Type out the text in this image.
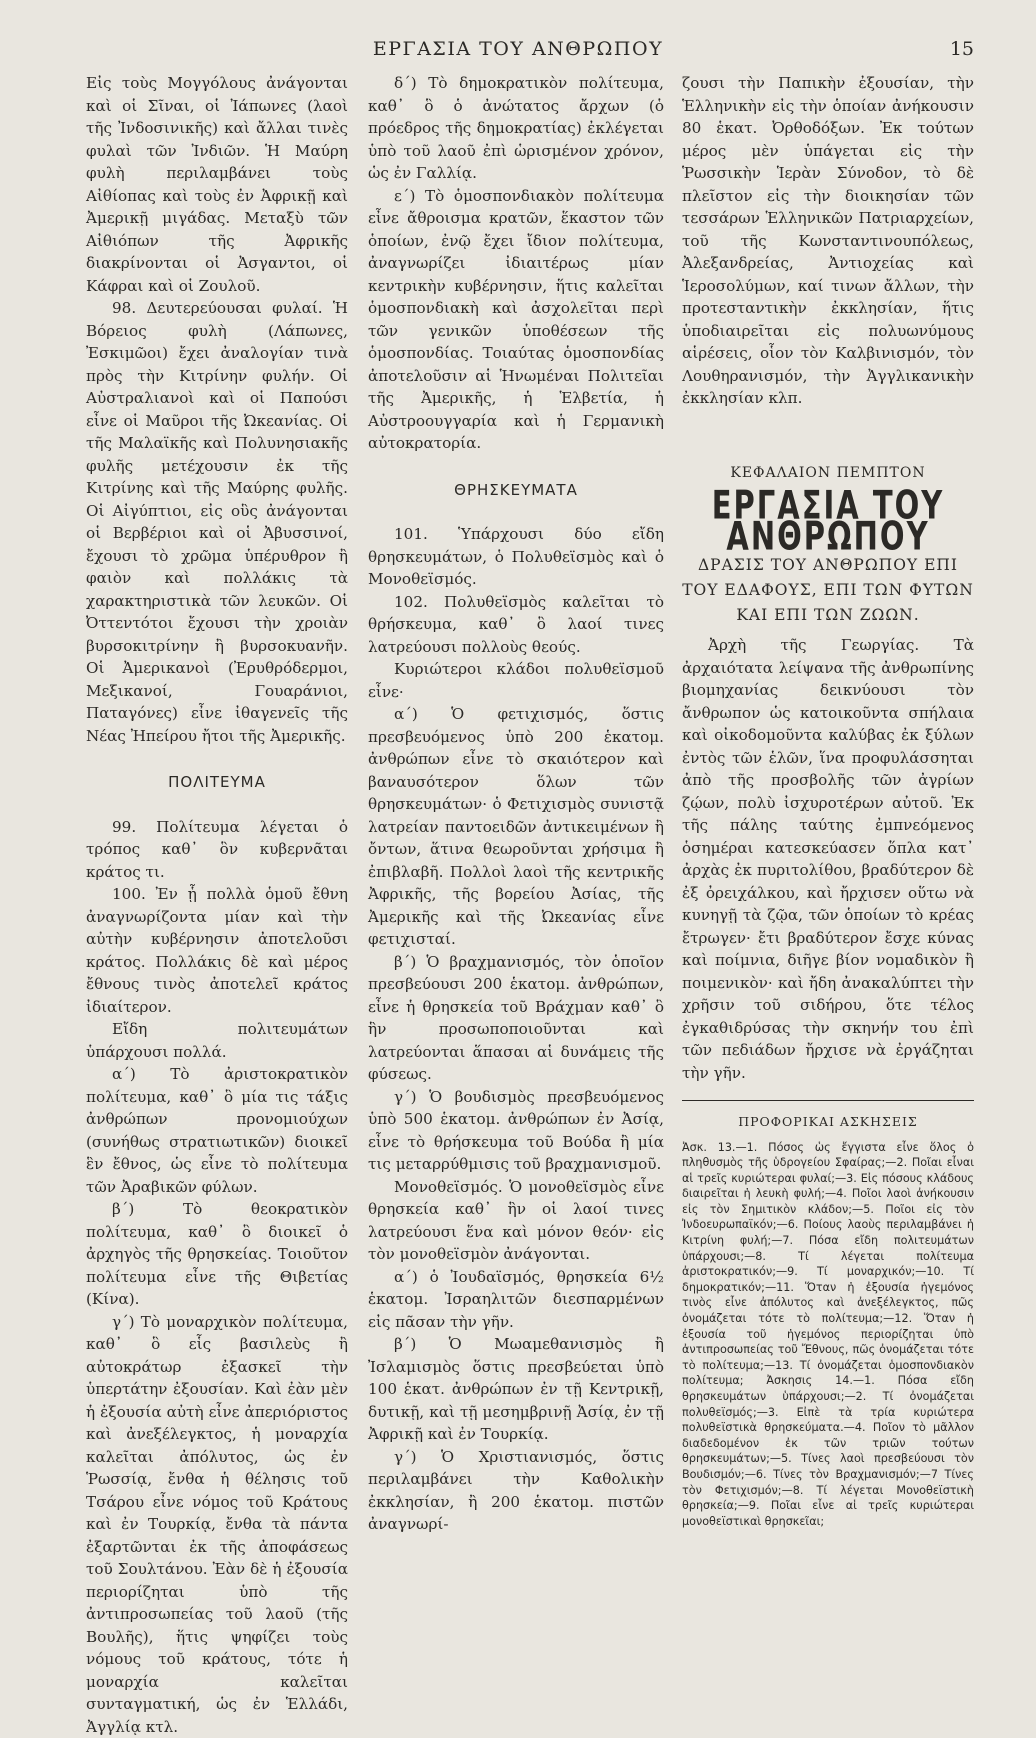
ΕΡΓΑΣΙΑ ΤΟΥ ΑΝΘΡΩΠΟΥ	15

Εἰς τοὺς Μογγόλους ἀνάγονται καὶ οἱ Σῖναι, οἱ Ἰάπωνες (λαοὶ τῆς Ἰνδοσινικῆς) καὶ ἄλλαι τινὲς φυλαὶ τῶν Ἰνδιῶν. Ἡ Μαύρη φυλὴ περιλαμβάνει τοὺς Αἰθίοπας καὶ τοὺς ἐν Ἀφρικῇ καὶ Ἀμερικῇ μιγάδας. Μεταξὺ τῶν Αἰθιόπων τῆς Ἀφρικῆς διακρίνονται οἱ Ἀσγαντοι, οἱ Κάφραι καὶ οἱ Ζουλοῦ.

98. Δευτερεύουσαι φυλαί. Ἡ Βόρειος φυλὴ (Λάπωνες, Ἐσκιμῶοι) ἔχει ἀναλογίαν τινὰ πρὸς τὴν Κιτρίνην φυλήν. Οἱ Αὐστραλιανοὶ καὶ οἱ Παπούσι εἶνε οἱ Μαῦροι τῆς Ὠκεανίας. Οἱ τῆς Μαλαϊκῆς καὶ Πολυνησιακῆς φυλῆς μετέχουσιν ἐκ τῆς Κιτρίνης καὶ τῆς Μαύρης φυλῆς. Οἱ Αἰγύπτιοι, εἰς οὓς ἀνάγονται οἱ Βερβέριοι καὶ οἱ Ἀβυσσινοί, ἔχουσι τὸ χρῶμα ὑπέρυθρον ἢ φαιὸν καὶ πολλάκις τὰ χαρακτηριστικὰ τῶν λευκῶν. Οἱ Ὀττεντότοι ἔχουσι τὴν χροιὰν βυρσοκιτρίνην ἢ βυρσοκυανῆν. Οἱ Ἀμερικανοὶ (Ἐρυθρόδερμοι, Μεξικανοί, Γουαράνιοι, Παταγόνες) εἶνε ἰθαγενεῖς τῆς Νέας Ἠπείρου ἤτοι τῆς Ἀμερικῆς.

ΠΟΛΙΤΕΥΜΑ

99. Πολίτευμα λέγεται ὁ τρόπος καθ᾽ ὃν κυβερνᾶται κράτος τι.

100. Ἐν ᾗ πολλὰ ὁμοῦ ἔθνη ἀναγνωρίζοντα μίαν καὶ τὴν αὐτὴν κυβέρνησιν ἀποτελοῦσι κράτος. Πολλάκις δὲ καὶ μέρος ἔθνους τινὸς ἀποτελεῖ κράτος ἰδιαίτερον.

Εἴδη πολιτευμάτων ὑπάρχουσι πολλά.

α΄) Τὸ ἀριστοκρατικὸν πολίτευμα, καθ᾽ ὃ μία τις τάξις ἀνθρώπων προνομιούχων (συνήθως στρατιωτικῶν) διοικεῖ ἓν ἔθνος, ὡς εἶνε τὸ πολίτευμα τῶν Ἀραβικῶν φύλων.

β΄) Τὸ θεοκρατικὸν πολίτευμα, καθ᾽ ὃ διοικεῖ ὁ ἀρχηγὸς τῆς θρησκείας. Τοιοῦτον πολίτευμα εἶνε τῆς Θιβετίας (Κίνα).

γ΄) Τὸ μοναρχικὸν πολίτευμα, καθ᾽ ὃ εἷς βασιλεὺς ἢ αὐτοκράτωρ ἐξασκεῖ τὴν ὑπερτάτην ἐξουσίαν. Καὶ ἐὰν μὲν ἡ ἐξουσία αὐτὴ εἶνε ἀπεριόριστος καὶ ἀνεξέλεγκτος, ἡ μοναρχία καλεῖται ἀπόλυτος, ὡς ἐν Ῥωσσίᾳ, ἔνθα ἡ θέλησις τοῦ Τσάρου εἶνε νόμος τοῦ Κράτους καὶ ἐν Τουρκίᾳ, ἔνθα τὰ πάντα ἐξαρτῶνται ἐκ τῆς ἀποφάσεως τοῦ Σουλτάνου. Ἐὰν δὲ ἡ ἐξουσία περιορίζηται ὑπὸ τῆς ἀντιπροσωπείας τοῦ λαοῦ (τῆς Βουλῆς), ἥτις ψηφίζει τοὺς νόμους τοῦ κράτους, τότε ἡ μοναρχία καλεῖται συνταγματική, ὡς ἐν Ἑλλάδι, Ἀγγλίᾳ κτλ.

δ΄) Τὸ δημοκρατικὸν πολίτευμα, καθ᾽ ὃ ὁ ἀνώτατος ἄρχων (ὁ πρόεδρος τῆς δημοκρατίας) ἐκλέγεται ὑπὸ τοῦ λαοῦ ἐπὶ ὡρισμένον χρόνον, ὡς ἐν Γαλλίᾳ.

ε΄) Τὸ ὁμοσπονδιακὸν πολίτευμα εἶνε ἄθροισμα κρατῶν, ἕκαστον τῶν ὁποίων, ἐνῷ ἔχει ἴδιον πολίτευμα, ἀναγνωρίζει ἰδιαιτέρως μίαν κεντρικὴν κυβέρνησιν, ἥτις καλεῖται ὁμοσπονδιακὴ καὶ ἀσχολεῖται περὶ τῶν γενικῶν ὑποθέσεων τῆς ὁμοσπονδίας. Τοιαύτας ὁμοσπονδίας ἀποτελοῦσιν αἱ Ἡνωμέναι Πολιτεῖαι τῆς Ἀμερικῆς, ἡ Ἑλβετία, ἡ Αὐστροουγγαρία καὶ ἡ Γερμανικὴ αὐτοκρατορία.

ΘΡΗΣΚΕΥΜΑΤΑ

101. Ὑπάρχουσι δύο εἴδη θρησκευμάτων, ὁ Πολυθεϊσμὸς καὶ ὁ Μονοθεϊσμός.

102. Πολυθεϊσμὸς καλεῖται τὸ θρήσκευμα, καθ᾽ ὃ λαοί τινες λατρεύουσι πολλοὺς θεούς.

Κυριώτεροι κλάδοι πολυθεϊσμοῦ εἶνε·

α΄) Ὁ φετιχισμός, ὅστις πρεσβευόμενος ὑπὸ 200 ἑκατομ. ἀνθρώπων εἶνε τὸ σκαιότερον καὶ βαναυσότερον ὅλων τῶν θρησκευμάτων· ὁ Φετιχισμὸς συνιστᾷ λατρείαν παντοειδῶν ἀντικειμένων ἢ ὄντων, ἅτινα θεωροῦνται χρήσιμα ἢ ἐπιβλαβῆ. Πολλοὶ λαοὶ τῆς κεντρικῆς Ἀφρικῆς, τῆς βορείου Ἀσίας, τῆς Ἀμερικῆς καὶ τῆς Ὠκεανίας εἶνε φετιχισταί.

β΄) Ὁ βραχμανισμός, τὸν ὁποῖον πρεσβεύουσι 200 ἑκατομ. ἀνθρώπων, εἶνε ἡ θρησκεία τοῦ Βράχμαν καθ᾽ ὃ ἣν προσωποποιοῦνται καὶ λατρεύονται ἅπασαι αἱ δυνάμεις τῆς φύσεως.

γ΄) Ὁ βουδισμὸς πρεσβευόμενος ὑπὸ 500 ἑκατομ. ἀνθρώπων ἐν Ἀσίᾳ, εἶνε τὸ θρήσκευμα τοῦ Βούδα ἢ μία τις μεταρρύθμισις τοῦ βραχμανισμοῦ.

Μονοθεϊσμός. Ὁ μονοθεϊσμὸς εἶνε θρησκεία καθ᾽ ἣν οἱ λαοί τινες λατρεύουσι ἕνα καὶ μόνον θεόν· εἰς τὸν μονοθεϊσμὸν ἀνάγονται.

α΄) ὁ Ἰουδαϊσμός, θρησκεία 6½ ἑκατομ. Ἰσραηλιτῶν διεσπαρμένων εἰς πᾶσαν τὴν γῆν.

β΄) Ὁ Μωαμεθανισμὸς ἢ Ἰσλαμισμὸς ὅστις πρεσβεύεται ὑπὸ 100 ἑκατ. ἀνθρώπων ἐν τῇ Κεντρικῇ, δυτικῇ, καὶ τῇ μεσημβρινῇ Ἀσίᾳ, ἐν τῇ Ἀφρικῇ καὶ ἐν Τουρκίᾳ.

γ΄) Ὁ Χριστιανισμός, ὅστις περιλαμβάνει τὴν Καθολικὴν ἐκκλησίαν, ἢ 200 ἑκατομ. πιστῶν ἀναγνωρί-

ζουσι τὴν Παπικὴν ἐξουσίαν, τὴν Ἑλληνικὴν εἰς τὴν ὁποίαν ἀνήκουσιν 80 ἑκατ. Ὀρθοδόξων. Ἐκ τούτων μέρος μὲν ὑπάγεται εἰς τὴν Ῥωσσικὴν Ἱερὰν Σύνοδον, τὸ δὲ πλεῖστον εἰς τὴν διοικησίαν τῶν τεσσάρων Ἑλληνικῶν Πατριαρχείων, τοῦ τῆς Κωνσταντινουπόλεως, Ἀλεξανδρείας, Ἀντιοχείας καὶ Ἱεροσολύμων, καί τινων ἄλλων, τὴν προτεσταντικὴν ἐκκλησίαν, ἥτις ὑποδιαιρεῖται εἰς πολυωνύμους αἱρέσεις, οἷον τὸν Καλβινισμόν, τὸν Λουθηρανισμόν, τὴν Ἀγγλικανικὴν ἐκκλησίαν κλπ.

ΚΕΦΑΛΑΙΟΝ ΠΕΜΠΤΟΝ
ΕΡΓΑΣΙΑ ΤΟΥ ΑΝΘΡΩΠΟΥ
ΔΡΑΣΙΣ ΤΟΥ ΑΝΘΡΩΠΟΥ ΕΠΙ ΤΟΥ ΕΔΑΦΟΥΣ, ΕΠΙ ΤΩΝ ΦΥΤΩΝ ΚΑΙ ΕΠΙ ΤΩΝ ΖΩΩΝ.

Ἀρχὴ τῆς Γεωργίας. Τὰ ἀρχαιότατα λείψανα τῆς ἀνθρωπίνης βιομηχανίας δεικνύουσι τὸν ἄνθρωπον ὡς κατοικοῦντα σπήλαια καὶ οἰκοδομοῦντα καλύβας ἐκ ξύλων ἐντὸς τῶν ἑλῶν, ἵνα προφυλάσσηται ἀπὸ τῆς προσβολῆς τῶν ἀγρίων ζῴων, πολὺ ἰσχυροτέρων αὐτοῦ. Ἐκ τῆς πάλης ταύτης ἐμπνεόμενος ὁσημέραι κατεσκεύασεν ὅπλα κατ᾽ ἀρχὰς ἐκ πυριτολίθου, βραδύτερον δὲ ἐξ ὀρειχάλκου, καὶ ἤρχισεν οὕτω νὰ κυνηγῇ τὰ ζῷα, τῶν ὁποίων τὸ κρέας ἔτρωγεν· ἔτι βραδύτερον ἔσχε κύνας καὶ ποίμνια, διῆγε βίον νομαδικὸν ἢ ποιμενικὸν· καὶ ἤδη ἀνακαλύπτει τὴν χρῆσιν τοῦ σιδήρου, ὅτε τέλος ἐγκαθιδρύσας τὴν σκηνήν του ἐπὶ τῶν πεδιάδων ἤρχισε νὰ ἐργάζηται τὴν γῆν.

ΠΡΟΦΟΡΙΚΑΙ ΑΣΚΗΣΕΙΣ
Ἀσκ. 13.—1. Πόσος ὡς ἔγγιστα εἶνε ὅλος ὁ πληθυσμὸς τῆς ὑδρογείου Σφαίρας;—2. Ποῖαι εἶναι αἱ τρεῖς κυριώτεραι φυλαί;—3. Εἰς πόσους κλάδους διαιρεῖται ἡ λευκὴ φυλή;—4. Ποῖοι λαοὶ ἀνήκουσιν εἰς τὸν Σημιτικὸν κλάδον;—5. Ποῖοι εἰς τὸν Ἰνδοευρωπαϊκόν;—6. Ποίους λαοὺς περιλαμβάνει ἡ Κιτρίνη φυλή;—7. Πόσα εἴδη πολιτευμάτων ὑπάρχουσι;—8. Τί λέγεται πολίτευμα ἀριστοκρατικόν;—9. Τί μοναρχικόν;—10. Τί δημοκρατικόν;—11. Ὅταν ἡ ἐξουσία ἡγεμόνος τινὸς εἶνε ἀπόλυτος καὶ ἀνεξέλεγκτος, πῶς ὀνομάζεται τότε τὸ πολίτευμα;—12. Ὅταν ἡ ἐξουσία τοῦ ἡγεμόνος περιορίζηται ὑπὸ ἀντιπροσωπείας τοῦ Ἔθνους, πῶς ὀνομάζεται τότε τὸ πολίτευμα;—13. Τί ὀνομάζεται ὁμοσπονδιακὸν πολίτευμα; Ἀσκησις 14.—1. Πόσα εἴδη θρησκευμάτων ὑπάρχουσι;—2. Τί ὀνομάζεται πολυθεϊσμός;—3. Εἰπὲ τὰ τρία κυριώτερα πολυθεϊστικὰ θρησκεύματα.—4. Ποῖον τὸ μᾶλλον διαδεδομένον ἐκ τῶν τριῶν τούτων θρησκευμάτων;—5. Τίνες λαοὶ πρεσβεύουσι τὸν Βουδισμόν;—6. Τίνες τὸν Βραχμανισμόν;—7 Τίνες τὸν Φετιχισμόν;—8. Τί λέγεται Μονοθεϊστικὴ θρησκεία;—9. Ποῖαι εἶνε αἱ τρεῖς κυριώτεραι μονοθεϊστικαὶ θρησκεῖαι;
